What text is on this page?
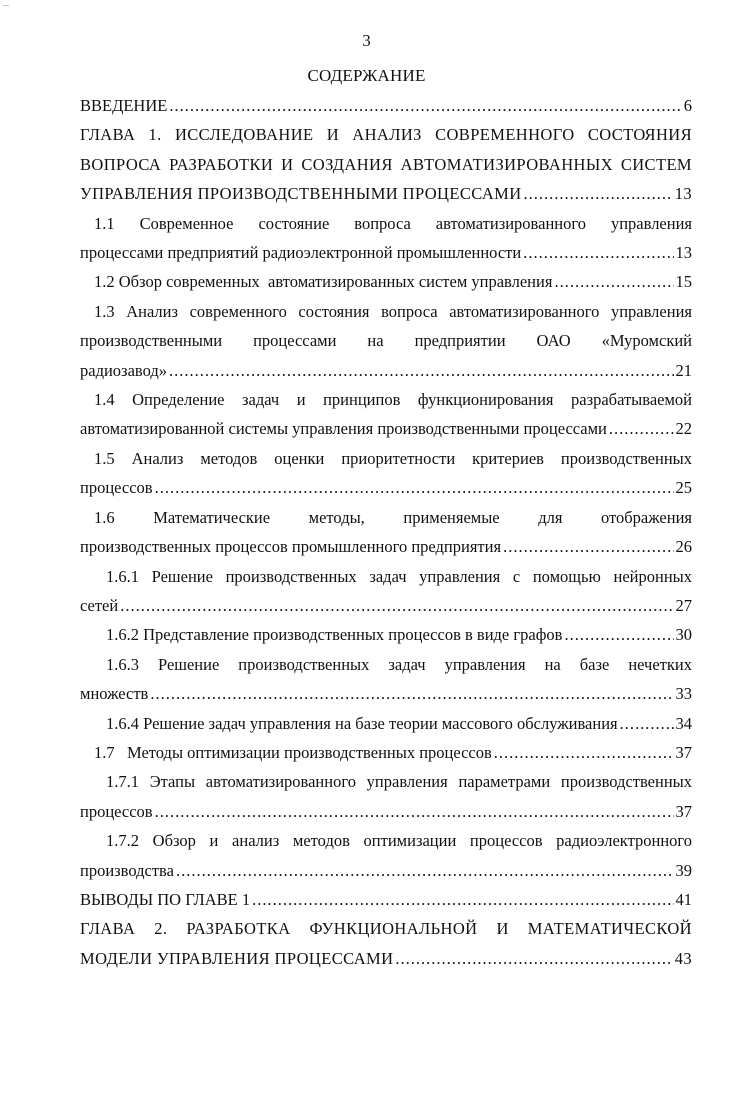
---
3
СОДЕРЖАНИЕ
ВВЕДЕНИЕ .....	6
ГЛАВА 1. ИССЛЕДОВАНИЕ И АНАЛИЗ СОВРЕМЕННОГО СОСТОЯНИЯ
ВОПРОСА РАЗРАБОТКИ И СОЗДАНИЯ АВТОМАТИЗИРОВАННЫХ СИСТЕМ
УПРАВЛЕНИЯ ПРОИЗВОДСТВЕННЫМИ ПРОЦЕССАМИ .....	13
1.1 Современное состояние вопроса автоматизированного управления
процессами предприятий радиоэлектронной промышленности .....	13
1.2 Обзор современных  автоматизированных систем управления .....	15
1.3 Анализ современного состояния вопроса автоматизированного управления
производственными процессами на предприятии ОАО «Муромский
радиозавод» .....	21
1.4 Определение задач и принципов функционирования разрабатываемой
автоматизированной системы управления производственными процессами .....	22
1.5 Анализ методов оценки приоритетности критериев производственных
процессов .....	25
1.6 Математические методы, применяемые для отображения
производственных процессов промышленного предприятия .....	26
1.6.1 Решение производственных задач управления с помощью нейронных
сетей .....	27
1.6.2 Представление производственных процессов в виде графов .....	30
1.6.3 Решение производственных задач управления на базе нечетких
множеств .....	33
1.6.4 Решение задач управления на базе теории массового обслуживания .....	34
1.7   Методы оптимизации производственных процессов .....	37
1.7.1 Этапы автоматизированного управления параметрами производственных
процессов .....	37
1.7.2 Обзор и анализ методов оптимизации процессов радиоэлектронного
производства .....	39
ВЫВОДЫ ПО ГЛАВЕ 1 .....	41
ГЛАВА 2. РАЗРАБОТКА ФУНКЦИОНАЛЬНОЙ И МАТЕМАТИЧЕСКОЙ
МОДЕЛИ УПРАВЛЕНИЯ ПРОЦЕССАМИ .....	43
